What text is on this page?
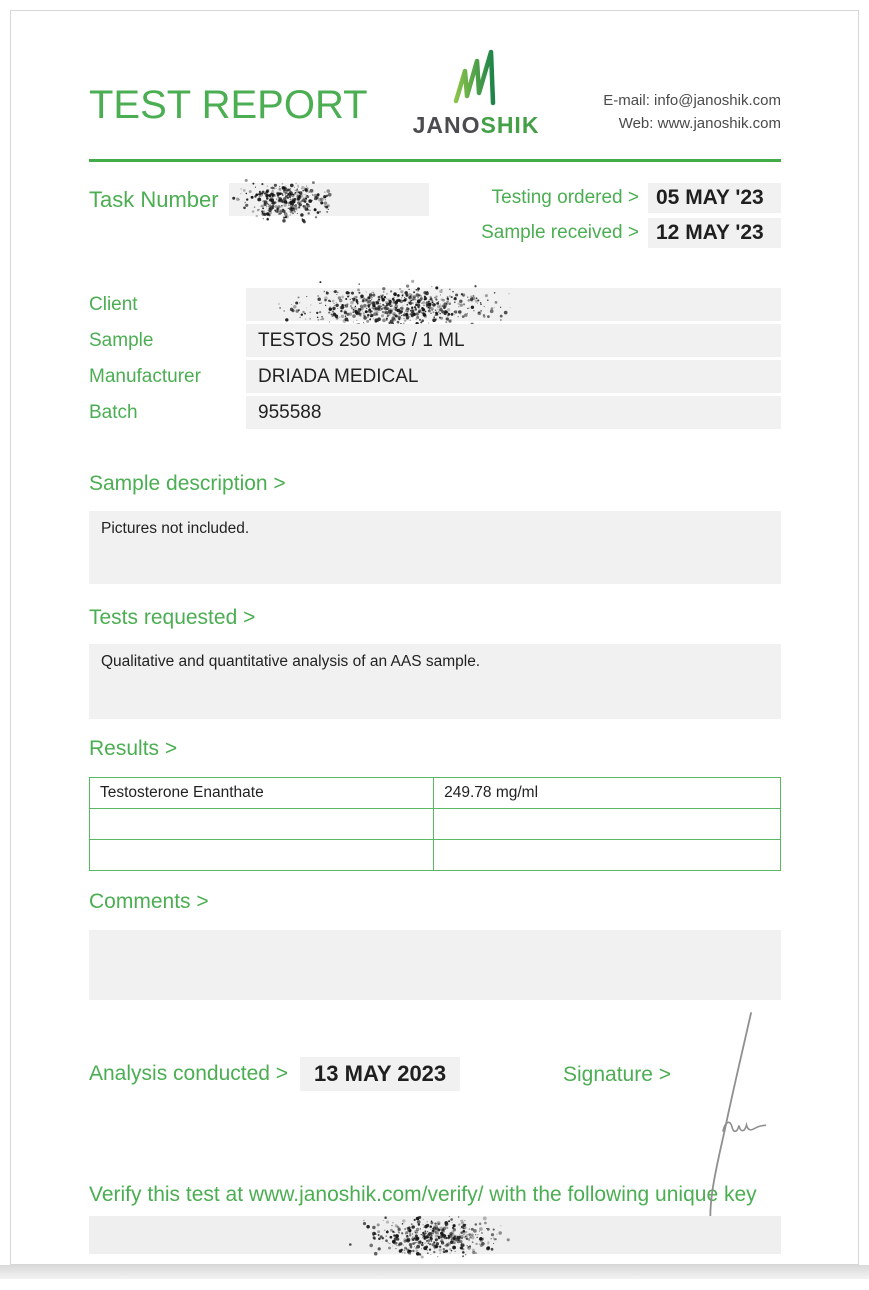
TEST REPORT JANOSHIK
E-mail: info@janoshik.com
Web: www.janoshik.com
Task Number	Testing ordered > 05 MAY '23
Sample received > 12 MAY '23
Client
Sample	TESTOS 250 MG / 1 ML
Manufacturer	DRIADA MEDICAL
Batch	955588
Sample description >
Pictures not included.
Tests requested >
Qualitative and quantitative analysis of an AAS sample.
Results >
Testosterone Enanthate	249.78 mg/ml

Comments >
Analysis conducted >	13 MAY 2023	Signature >
Verify this test at www.janoshik.com/verify/ with the following unique key
